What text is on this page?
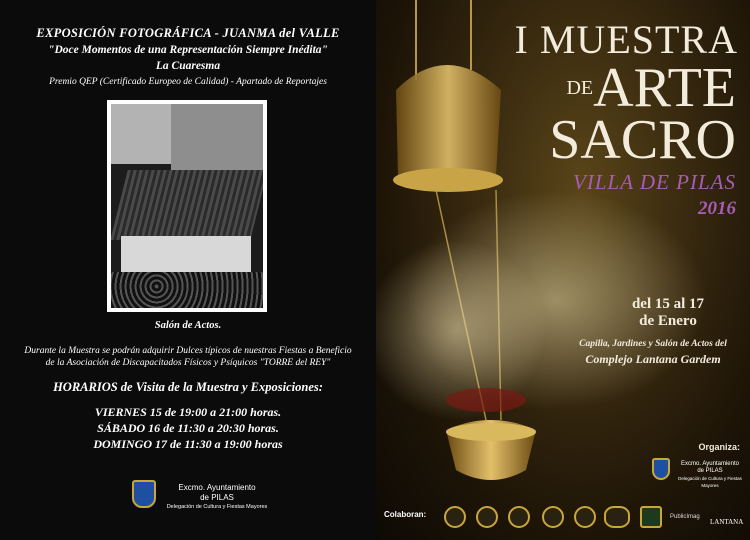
EXPOSICIÓN FOTOGRÁFICA - JUANMA del VALLE
"Doce Momentos de una Representación Siempre Inédita"
La Cuaresma
Premio QEP (Certificado Europeo de Calidad) - Apartado de Reportajes
Salón de Actos.
Durante la Muestra se podrán adquirir Dulces típicos de nuestras Fiestas a Beneficio
de la Asociación de Discapacitados Físicos y Psíquicos "TORRE del REY"
HORARIOS de Visita de la Muestra y Exposiciones:
VIERNES 15 de 19:00 a 21:00 horas.
SÁBADO 16 de 11:30 a 20:30 horas.
DOMINGO 17 de 11:30 a 19:00 horas
Excmo. Ayuntamiento
de PILAS
Delegación de Cultura y Fiestas Mayores
I MUESTRA
$^{DE}$ARTE
SACRO
VILLA DE PILAS
2016
del 15 al 17
de Enero
Capilla, Jardines y Salón de Actos del
Complejo Lantana Gardem
Organiza:
Excmo. Ayuntamiento
de PILAS
Delegación de Cultura y Fiestas Mayores
Colaboran:	PublicImag
LANTANA
